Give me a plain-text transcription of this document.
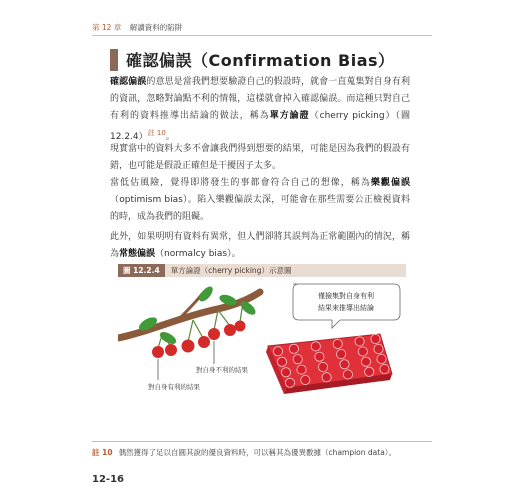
第 12 章 解讀資料的陷阱
確認偏誤（Confirmation Bias）
確認偏誤的意思是當我們想要驗證自己的假設時，就會一直蒐集對自身有利的資訊，忽略對論點不利的情報，這樣就會掉入確認偏誤。而這種只對自己有利的資料推導出結論的做法，稱為單方論證（cherry picking）（圖 12.2.4）$^{註 10}$。
現實當中的資料大多不會讓我們得到想要的結果，可能是因為我們的假設有錯，也可能是假設正確但是干擾因子太多。
當低估風險，覺得即將發生的事都會符合自己的想像，稱為樂觀偏誤（optimism bias）。陷入樂觀偏誤太深，可能會在那些需要公正檢視資料的時，成為我們的阻礙。
此外，如果明明有資料有異常，但人們卻將其誤判為正常範圍內的情況，稱為常態偏誤（normalcy bias）。
圖 12.2.4	單方論證（cherry picking）示意圖
對自身不利的結果
對自身有利的結果
僅撿集對自身有利
結果來推導出結論
註 10 偶然獲得了足以自圓其說的優良資料時，可以稱其為優異數據（champion data）。
12-16
